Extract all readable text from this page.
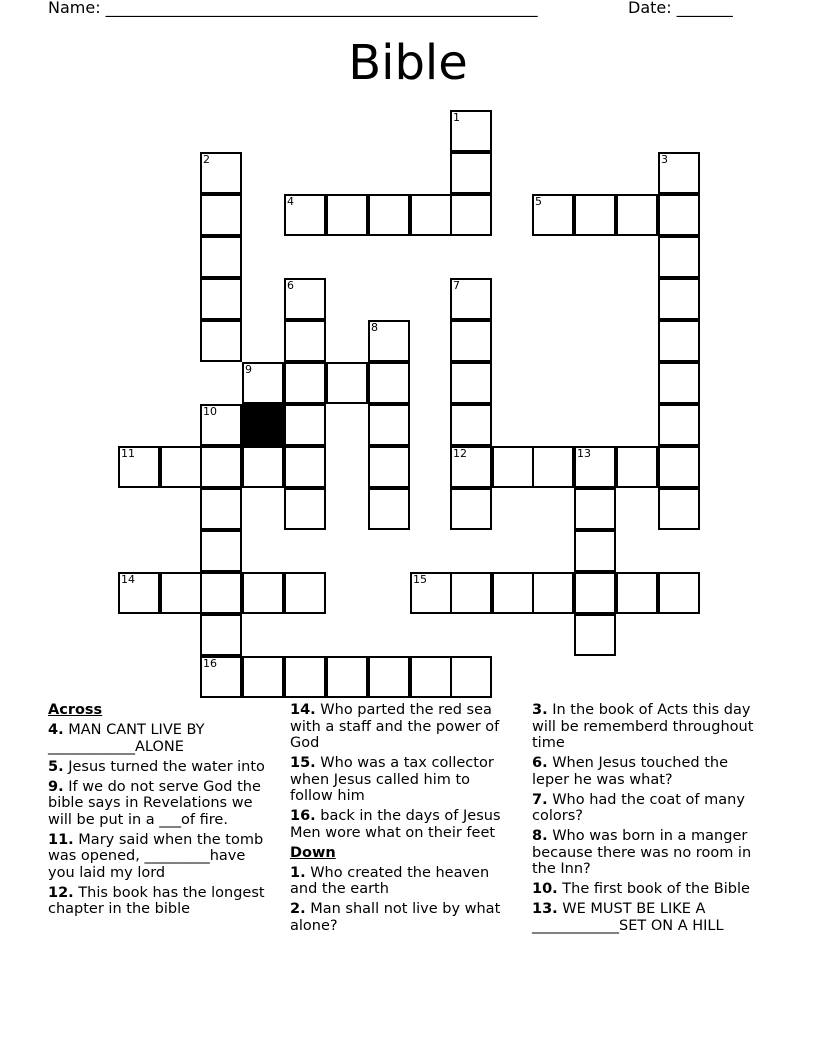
Name: ______________________________________________________	Date: _______
Bible
1
2	3
4	5
6	7
8
9
10
16
11	13
12
14	15
Across
4. MAN CANT LIVE BY ____________ALONE
5. Jesus turned the water into
9. If we do not serve God the bible says in Revelations we will be put in a ___of fire.
11. Mary said when the tomb was opened, _________have you laid my lord
12. This book has the longest chapter in the bible
14. Who parted the red sea with a staff and the power of God
15. Who was a tax collector when Jesus called him to follow him
16. back in the days of Jesus Men wore what on their feet
Down
1. Who created the heaven and the earth
2. Man shall not live by what alone?
3. In the book of Acts this day will be rememberd throughout time
6. When Jesus touched the leper he was what?
7. Who had the coat of many colors?
8. Who was born in a manger because there was no room in the Inn?
10. The first book of the Bible
13. WE MUST BE LIKE A ____________SET ON A HILL
